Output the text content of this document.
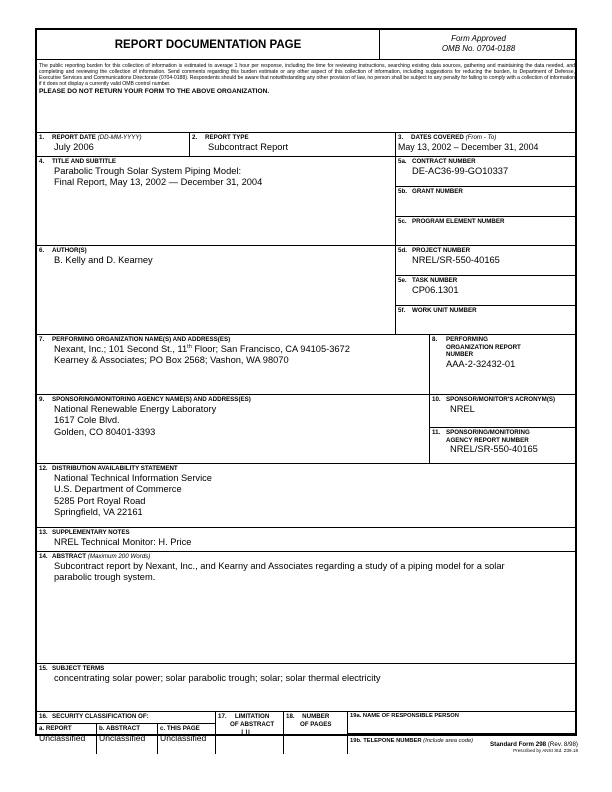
REPORT DOCUMENTATION PAGE	Form Approved
OMB No. 0704-0188
The public reporting burden for this collection of information is estimated to average 1 hour per response, including the time for reviewing instructions, searching existing data sources, gathering and maintaining the data needed, and completing and reviewing the collection of information. Send comments regarding this burden estimate or any other aspect of this collection of information, including suggestions for reducing the burden, to Department of Defense, Executive Services and Communications Directorate (0704-0188). Respondents should be aware that notwithstanding any other provision of law, no person shall be subject to any penalty for failing to comply with a collection of information if it does not display a currently valid OMB control number.
PLEASE DO NOT RETURN YOUR FORM TO THE ABOVE ORGANIZATION.
1. REPORT DATE (DD-MM-YYYY)
July 2006
2. REPORT TYPE
Subcontract Report
3. DATES COVERED (From - To)
May 13, 2002 – December 31, 2004
4. TITLE AND SUBTITLE
Parabolic Trough Solar System Piping Model:
Final Report, May 13, 2002 — December 31, 2004
5a. CONTRACT NUMBER
DE-AC36-99-GO10337
5b. GRANT NUMBER
5c. PROGRAM ELEMENT NUMBER
6. AUTHOR(S)
B. Kelly and D. Kearney
5d. PROJECT NUMBER
NREL/SR-550-40165
5e. TASK NUMBER
CP06.1301
5f. WORK UNIT NUMBER
7. PERFORMING ORGANIZATION NAME(S) AND ADDRESS(ES)
Nexant, Inc.; 101 Second St., 11th Floor; San Francisco, CA 94105-3672
Kearney & Associates; PO Box 2568; Vashon, WA 98070
8.	PERFORMING ORGANIZATION REPORT NUMBER
AAA-2-32432-01
9. SPONSORING/MONITORING AGENCY NAME(S) AND ADDRESS(ES)
National Renewable Energy Laboratory
1617 Cole Blvd.
Golden, CO 80401-3393
10. SPONSOR/MONITOR'S ACRONYM(S)
NREL
11. SPONSORING/MONITORING AGENCY REPORT NUMBER
NREL/SR-550-40165
12. DISTRIBUTION AVAILABILITY STATEMENT
National Technical Information Service
U.S. Department of Commerce
5285 Port Royal Road
Springfield, VA 22161
13. SUPPLEMENTARY NOTES
NREL Technical Monitor: H. Price
14. ABSTRACT (Maximum 200 Words)
Subcontract report by Nexant, Inc., and Kearny and Associates regarding a study of a piping model for a solar
parabolic trough system.
15. SUBJECT TERMS
concentrating solar power; solar parabolic trough; solar; solar thermal electricity
16. SECURITY CLASSIFICATION OF:
a. REPORT
Unclassified
b. ABSTRACT
Unclassified
c. THIS PAGE
Unclassified
17.	LIMITATION
OF ABSTRACT
UL
18.	NUMBER
OF PAGES
19a. NAME OF RESPONSIBLE PERSON
19b. TELEPONE NUMBER (Include area code)	Standard Form 298 (Rev. 8/98)
Prescribed by ANSI Std. Z39.18
